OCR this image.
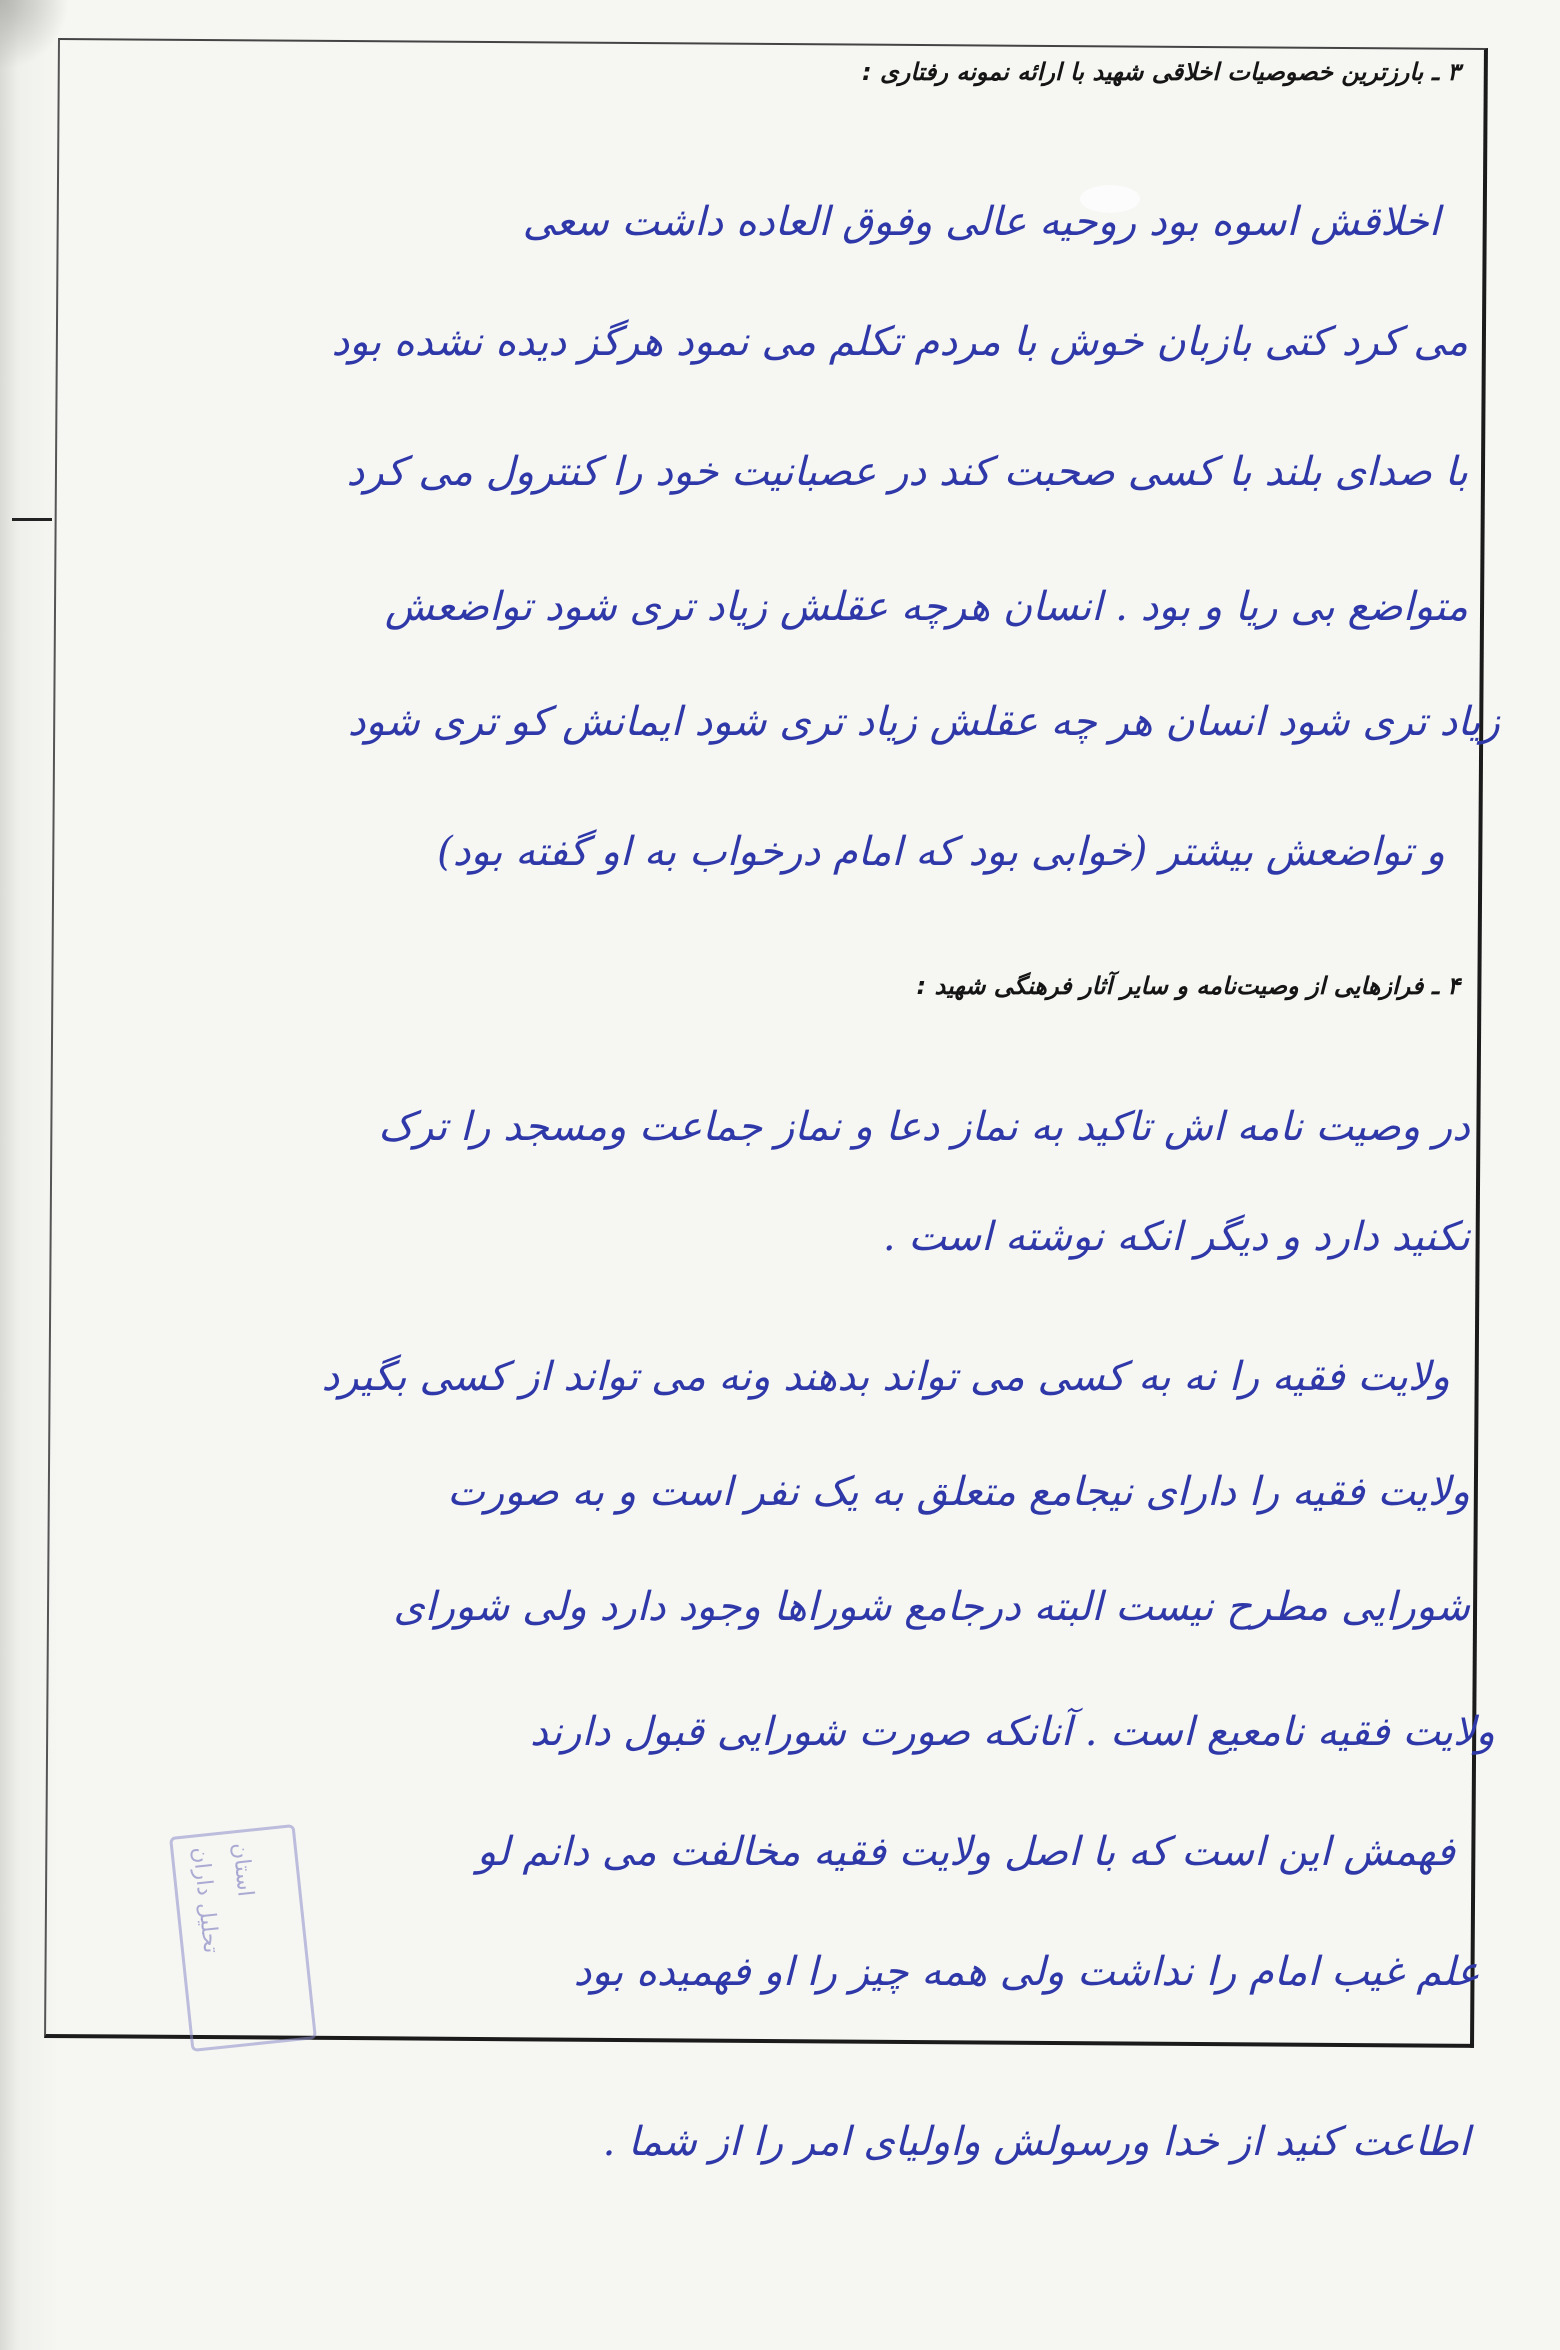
۳ ـ بارزترین خصوصیات اخلاقی شهید با ارائه نمونه رفتاری :
اخلاقش اسوه بود روحیه عالی وفوق العاده داشت سعی
می کرد کتی بازبان خوش با مردم تکلم می نمود هرگز دیده نشده بود
با صدای بلند با کسی صحبت کند در عصبانیت خود را کنترول می کرد
متواضع بی ریا و بود . انسان هرچه عقلش زیاد تری شود تواضعش
زیاد تری شود انسان هر چه عقلش زیاد تری شود ایمانش کو تری شود
و تواضعش بیشتر (خوابی بود که امام درخواب به او گفته بود)
۴ ـ فرازهایی از وصیت‌نامه و سایر آثار فرهنگی شهید :
در وصیت نامه اش تاکید به نماز دعا و نماز جماعت ومسجد را ترک
نکنید دارد و دیگر انکه نوشته است .
ولایت فقیه را نه به کسی می تواند بدهند ونه می تواند از کسی بگیرد
ولایت فقیه را دارای نیجامع متعلق به یک نفر است و به صورت
شورایی مطرح نیست البته درجامع شوراها وجود دارد ولی شورای
ولایت فقیه نامعیع است . آنانکه صورت شورایی قبول دارند
فهمش این است که با اصل ولایت فقیه مخالفت می دانم لو
علم غیب امام را نداشت ولی همه چیز را او فهمیده بود
اطاعت کنید از خدا ورسولش واولیای امر را از شما .
تحلیل داران استان
